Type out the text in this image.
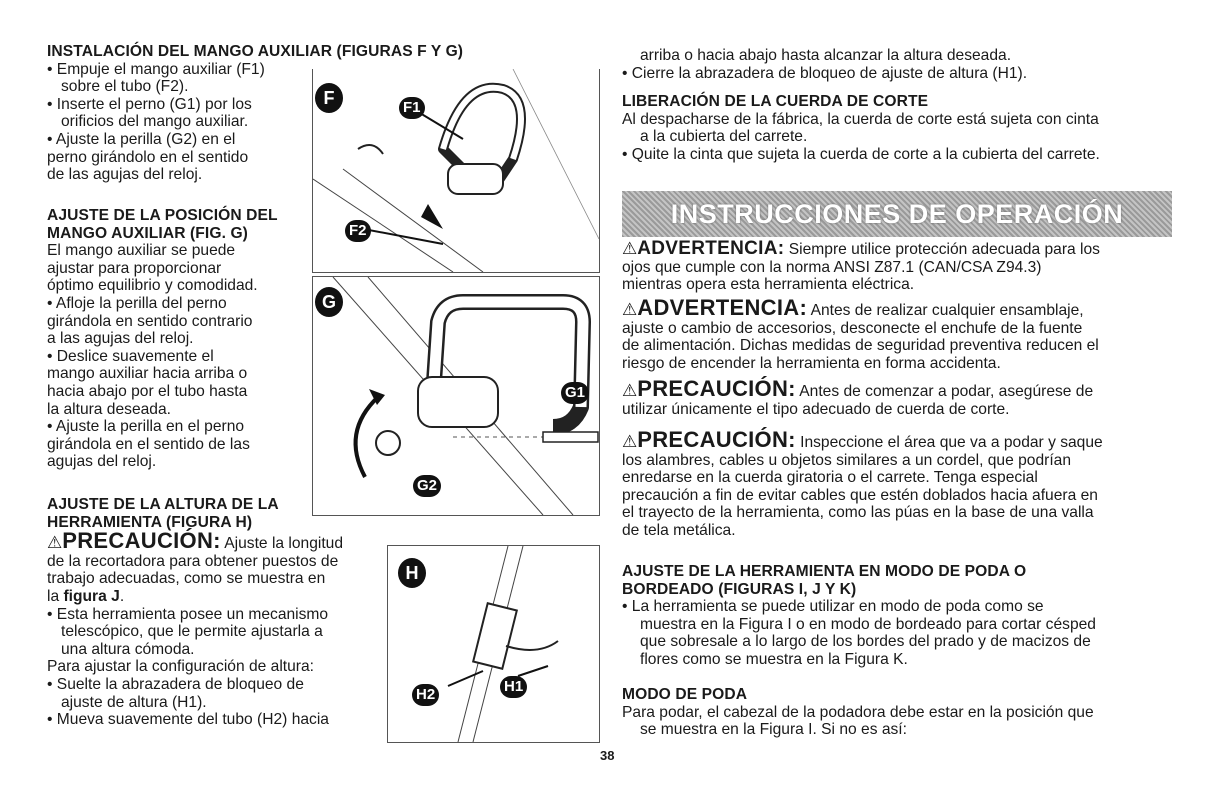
INSTALACIÓN DEL MANGO AUXILIAR (FIGURAS F Y G)
• Empuje el mango auxiliar (F1)
sobre el tubo (F2).
• Inserte el perno (G1) por los
orificios del mango auxiliar.
• Ajuste la perilla (G2) en el
perno girándolo en el sentido
de las agujas del reloj.
AJUSTE DE LA POSICIÓN DEL
MANGO AUXILIAR (FIG. G)
El mango auxiliar se puede
ajustar para proporcionar
óptimo equilibrio y comodidad.
• Afloje la perilla del perno
girándola en sentido contrario
a las agujas del reloj.
• Deslice suavemente el
mango auxiliar hacia arriba o
hacia abajo por el tubo hasta
la altura deseada.
• Ajuste la perilla en el perno
girándola en el sentido de las
agujas del reloj.
AJUSTE DE LA ALTURA DE LA
HERRAMIENTA (FIGURA H)
⚠PRECAUCIÓN: Ajuste la longitud
de la recortadora para obtener puestos de
trabajo adecuadas, como se muestra en
la figura J.
• Esta herramienta posee un mecanismo
telescópico, que le permite ajustarla a
una altura cómoda.
Para ajustar la configuración de altura:
• Suelte la abrazadera de bloqueo de
ajuste de altura (H1).
• Mueva suavemente del tubo (H2) hacia
F	F1
F2
G
G1
G2
H
H2	H1
arriba o hacia abajo hasta alcanzar la altura deseada.
• Cierre la abrazadera de bloqueo de ajuste de altura (H1).
LIBERACIÓN DE LA CUERDA DE CORTE
Al despacharse de la fábrica, la cuerda de corte está sujeta con cinta
a la cubierta del carrete.
• Quite la cinta que sujeta la cuerda de corte a la cubierta del carrete.
INSTRUCCIONES DE OPERACIÓN
⚠ADVERTENCIA: Siempre utilice protección adecuada para los
ojos que cumple con la norma ANSI Z87.1 (CAN/CSA Z94.3)
mientras opera esta herramienta eléctrica.
⚠ADVERTENCIA: Antes de realizar cualquier ensamblaje,
ajuste o cambio de accesorios, desconecte el enchufe de la fuente
de alimentación. Dichas medidas de seguridad preventiva reducen el
riesgo de encender la herramienta en forma accidenta.
⚠PRECAUCIÓN: Antes de comenzar a podar, asegúrese de
utilizar únicamente el tipo adecuado de cuerda de corte.
⚠PRECAUCIÓN: Inspeccione el área que va a podar y saque
los alambres, cables u objetos similares a un cordel, que podrían
enredarse en la cuerda giratoria o el carrete. Tenga especial
precaución a fin de evitar cables que estén doblados hacia afuera en
el trayecto de la herramienta, como las púas en la base de una valla
de tela metálica.
AJUSTE DE LA HERRAMIENTA EN MODO DE PODA O
BORDEADO (FIGURAS I, J Y K)
• La herramienta se puede utilizar en modo de poda como se
muestra en la Figura I o en modo de bordeado para cortar césped
que sobresale a lo largo de los bordes del prado y de macizos de
flores como se muestra en la Figura K.
MODO DE PODA
Para podar, el cabezal de la podadora debe estar en la posición que
se muestra en la Figura I. Si no es así:
38
